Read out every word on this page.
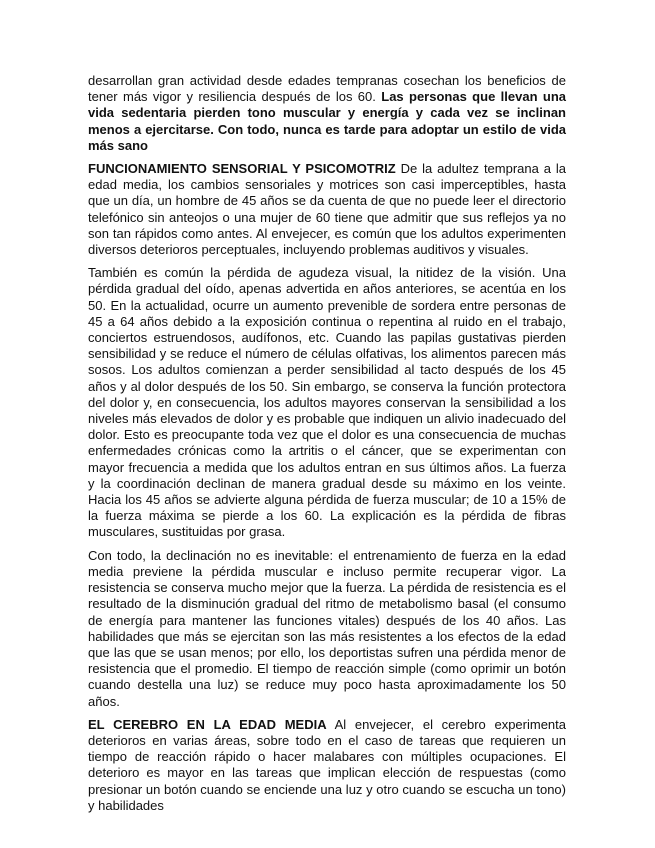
desarrollan gran actividad desde edades tempranas cosechan los beneficios de tener más vigor y resiliencia después de los 60. Las personas que llevan una vida sedentaria pierden tono muscular y energía y cada vez se inclinan menos a ejercitarse. Con todo, nunca es tarde para adoptar un estilo de vida más sano

FUNCIONAMIENTO SENSORIAL Y PSICOMOTRIZ De la adultez temprana a la edad media, los cambios sensoriales y motrices son casi imperceptibles, hasta que un día, un hombre de 45 años se da cuenta de que no puede leer el directorio telefónico sin anteojos o una mujer de 60 tiene que admitir que sus reflejos ya no son tan rápidos como antes. Al envejecer, es común que los adultos experimenten diversos deterioros perceptuales, incluyendo problemas auditivos y visuales.

También es común la pérdida de agudeza visual, la nitidez de la visión. Una pérdida gradual del oído, apenas advertida en años anteriores, se acentúa en los 50. En la actualidad, ocurre un aumento prevenible de sordera entre personas de 45 a 64 años debido a la exposición continua o repentina al ruido en el trabajo, conciertos estruendosos, audífonos, etc. Cuando las papilas gustativas pierden sensibilidad y se reduce el número de células olfativas, los alimentos parecen más sosos. Los adultos comienzan a perder sensibilidad al tacto después de los 45 años y al dolor después de los 50. Sin embargo, se conserva la función protectora del dolor y, en consecuencia, los adultos mayores conservan la sensibilidad a los niveles más elevados de dolor y es probable que indiquen un alivio inadecuado del dolor. Esto es preocupante toda vez que el dolor es una consecuencia de muchas enfermedades crónicas como la artritis o el cáncer, que se experimentan con mayor frecuencia a medida que los adultos entran en sus últimos años. La fuerza y la coordinación declinan de manera gradual desde su máximo en los veinte. Hacia los 45 años se advierte alguna pérdida de fuerza muscular; de 10 a 15% de la fuerza máxima se pierde a los 60. La explicación es la pérdida de fibras musculares, sustituidas por grasa.

Con todo, la declinación no es inevitable: el entrenamiento de fuerza en la edad media previene la pérdida muscular e incluso permite recuperar vigor. La resistencia se conserva mucho mejor que la fuerza. La pérdida de resistencia es el resultado de la disminución gradual del ritmo de metabolismo basal (el consumo de energía para mantener las funciones vitales) después de los 40 años. Las habilidades que más se ejercitan son las más resistentes a los efectos de la edad que las que se usan menos; por ello, los deportistas sufren una pérdida menor de resistencia que el promedio. El tiempo de reacción simple (como oprimir un botón cuando destella una luz) se reduce muy poco hasta aproximadamente los 50 años.

EL CEREBRO EN LA EDAD MEDIA Al envejecer, el cerebro experimenta deterioros en varias áreas, sobre todo en el caso de tareas que requieren un tiempo de reacción rápido o hacer malabares con múltiples ocupaciones. El deterioro es mayor en las tareas que implican elección de respuestas (como presionar un botón cuando se enciende una luz y otro cuando se escucha un tono) y habilidades
